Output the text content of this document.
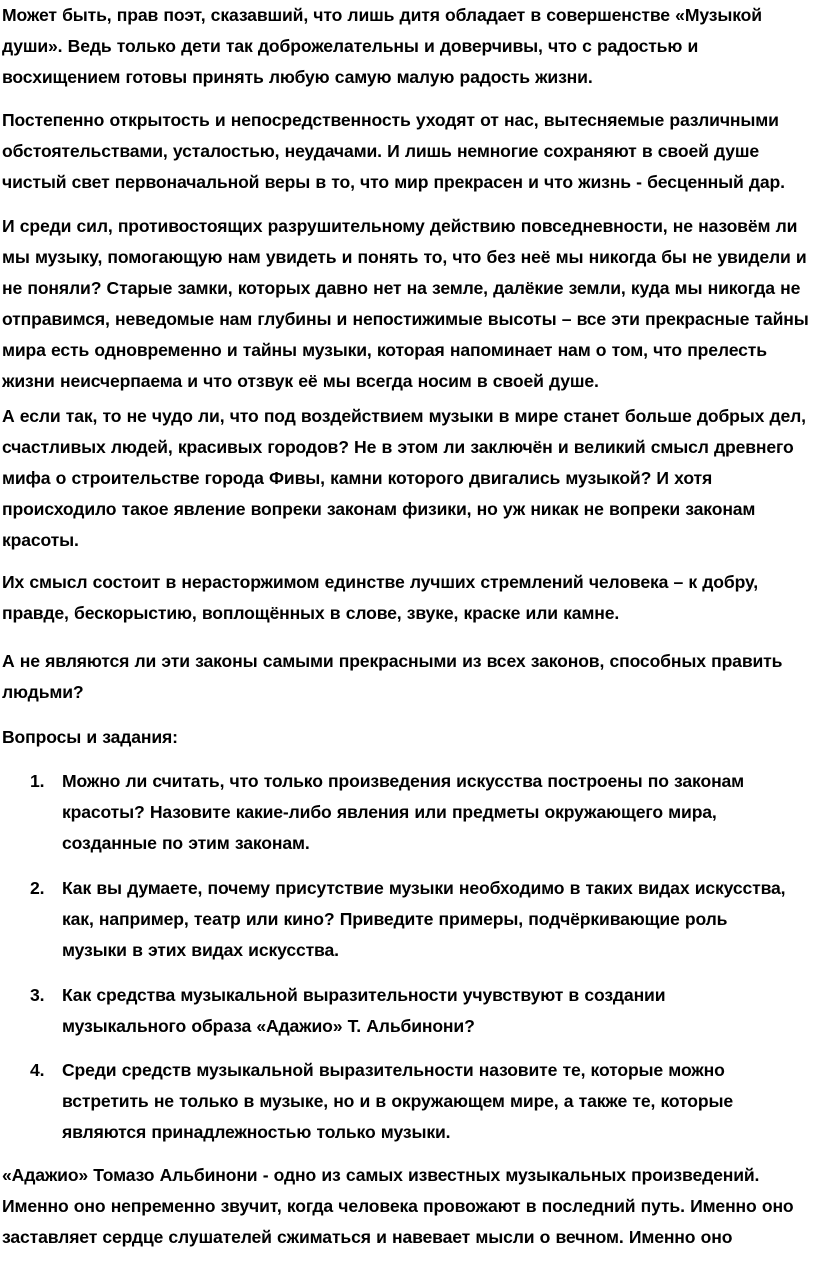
Может быть, прав поэт, сказавший, что лишь дитя обладает в совершенстве «Музыкой души». Ведь только дети так доброжелательны и доверчивы, что с радостью и восхищением готовы принять любую самую малую радость жизни.

Постепенно открытость и непосредственность уходят от нас, вытесняемые различными обстоятельствами, усталостью, неудачами. И лишь немногие сохраняют в своей душе чистый свет первоначальной веры в то, что мир прекрасен и что жизнь - бесценный дар.

И среди сил, противостоящих разрушительному действию повседневности, не назовём ли мы музыку, помогающую нам увидеть и понять то, что без неё мы никогда бы не увидели и не поняли? Старые замки, которых давно нет на земле, далёкие земли, куда мы никогда не отправимся, неведомые нам глубины и непостижимые высоты – все эти прекрасные тайны мира есть одновременно и тайны музыки, которая напоминает нам о том, что прелесть жизни неисчерпаема и что отзвук её мы всегда носим в своей душе.

А если так, то не чудо ли, что под воздействием музыки в мире станет больше добрых дел, счастливых людей, красивых городов? Не в этом ли заключён и великий смысл древнего мифа о строительстве города Фивы, камни которого двигались музыкой? И хотя происходило такое явление вопреки законам физики, но уж никак не вопреки законам красоты.

Их смысл состоит в нерасторжимом единстве лучших стремлений человека – к добру, правде, бескорыстию, воплощённых в слове, звуке, краске или камне.

А не являются ли эти законы самыми прекрасными из всех законов, способных править людьми?

Вопросы и задания:

1.	Можно ли считать, что только произведения искусства построены по законам красоты? Назовите какие-либо явления или предметы окружающего мира, созданные по этим законам.
2.	Как вы думаете, почему присутствие музыки необходимо в таких видах искусства, как, например, театр или кино? Приведите примеры, подчёркивающие роль музыки в этих видах искусства.
3.	Как средства музыкальной выразительности учувствуют в создании музыкального образа «Адажио» Т. Альбинони?
4.	Среди средств музыкальной выразительности назовите те, которые можно встретить не только в музыке, но и в окружающем мире, а также те, которые являются принадлежностью только музыки.

«Адажио» Томазо Альбинони - одно из самых известных музыкальных произведений. Именно оно непременно звучит, когда человека провожают в последний путь. Именно оно заставляет сердце слушателей сжиматься и навевает мысли о вечном. Именно оно
